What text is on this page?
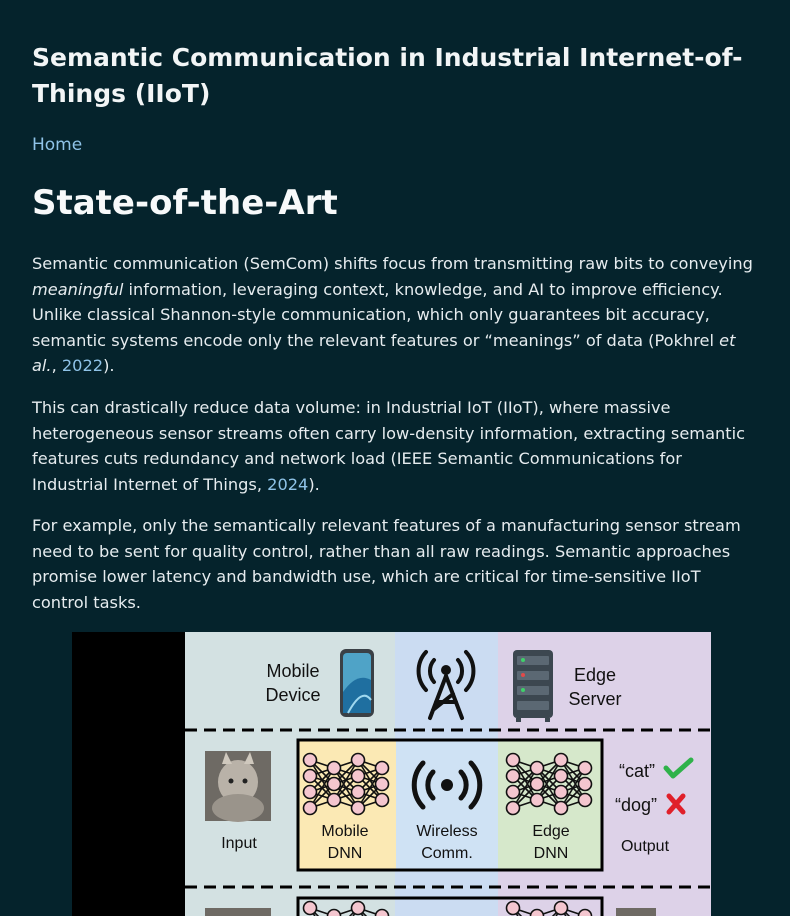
Semantic Communication in Industrial Internet-of-Things (IIoT)
Home
State-of-the-Art

Semantic communication (SemCom) shifts focus from transmitting raw bits to conveying meaningful information, leveraging context, knowledge, and AI to improve efficiency. Unlike classical Shannon-style communication, which only guarantees bit accuracy, semantic systems encode only the relevant features or “meanings” of data (Pokhrel et al., 2022).

This can drastically reduce data volume: in Industrial IoT (IIoT), where massive heterogeneous sensor streams often carry low-density information, extracting semantic features cuts redundancy and network load (IEEE Semantic Communications for Industrial Internet of Things, 2024).

For example, only the semantically relevant features of a manufacturing sensor stream need to be sent for quality control, rather than all raw readings. Semantic approaches promise lower latency and bandwidth use, which are critical for time-sensitive IIoT control tasks.

Mobile
Device
Edge
Server
Input
Mobile
DNN
Wireless
Comm.
Edge
DNN
“cat”
“dog”
Output
